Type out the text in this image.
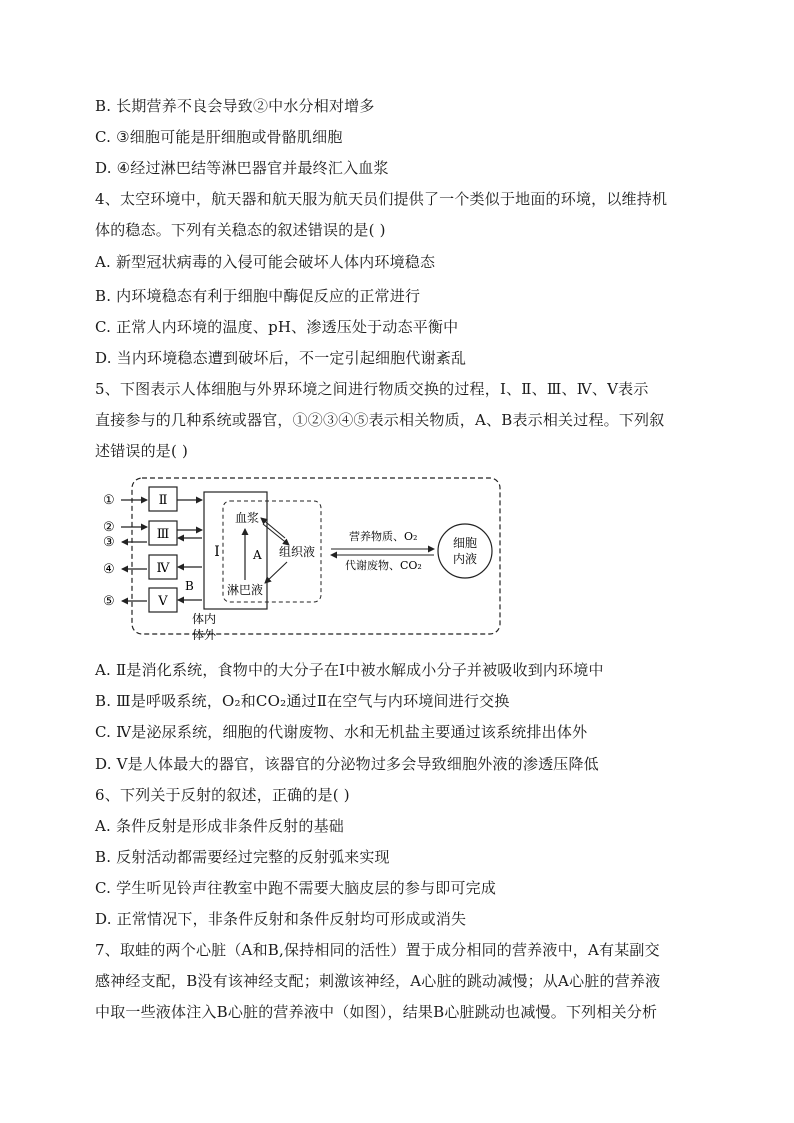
B. 长期营养不良会导致②中水分相对增多
C. ③细胞可能是肝细胞或骨骼肌细胞
D. ④经过淋巴结等淋巴器官并最终汇入血浆
4、太空环境中，航天器和航天服为航天员们提供了一个类似于地面的环境，以维持机
体的稳态。下列有关稳态的叙述错误的是( )
A. 新型冠状病毒的入侵可能会破坏人体内环境稳态
B. 内环境稳态有利于细胞中酶促反应的正常进行
C. 正常人内环境的温度、pH、渗透压处于动态平衡中
D. 当内环境稳态遭到破坏后，不一定引起细胞代谢紊乱
5、下图表示人体细胞与外界环境之间进行物质交换的过程，Ⅰ、Ⅱ、Ⅲ、Ⅳ、Ⅴ表示
直接参与的几种系统或器官，①②③④⑤表示相关物质，A、B表示相关过程。下列叙
述错误的是( )
①
②
③
④
⑤
Ⅱ
Ⅲ
Ⅳ
Ⅴ
B
Ⅰ
血浆
淋巴液
A 组织液
营养物质、O₂
代谢废物、CO₂
细胞
内液
体内
体外
A. Ⅱ是消化系统，食物中的大分子在Ⅰ中被水解成小分子并被吸收到内环境中
B. Ⅲ是呼吸系统，O₂和CO₂通过Ⅱ在空气与内环境间进行交换
C. Ⅳ是泌尿系统，细胞的代谢废物、水和无机盐主要通过该系统排出体外
D. Ⅴ是人体最大的器官，该器官的分泌物过多会导致细胞外液的渗透压降低
6、下列关于反射的叙述，正确的是( )
A. 条件反射是形成非条件反射的基础
B. 反射活动都需要经过完整的反射弧来实现
C. 学生听见铃声往教室中跑不需要大脑皮层的参与即可完成
D. 正常情况下，非条件反射和条件反射均可形成或消失
7、取蛙的两个心脏（A和B,保持相同的活性）置于成分相同的营养液中，A有某副交
感神经支配，B没有该神经支配；刺激该神经，A心脏的跳动减慢；从A心脏的营养液
中取一些液体注入B心脏的营养液中（如图），结果B心脏跳动也减慢。下列相关分析
